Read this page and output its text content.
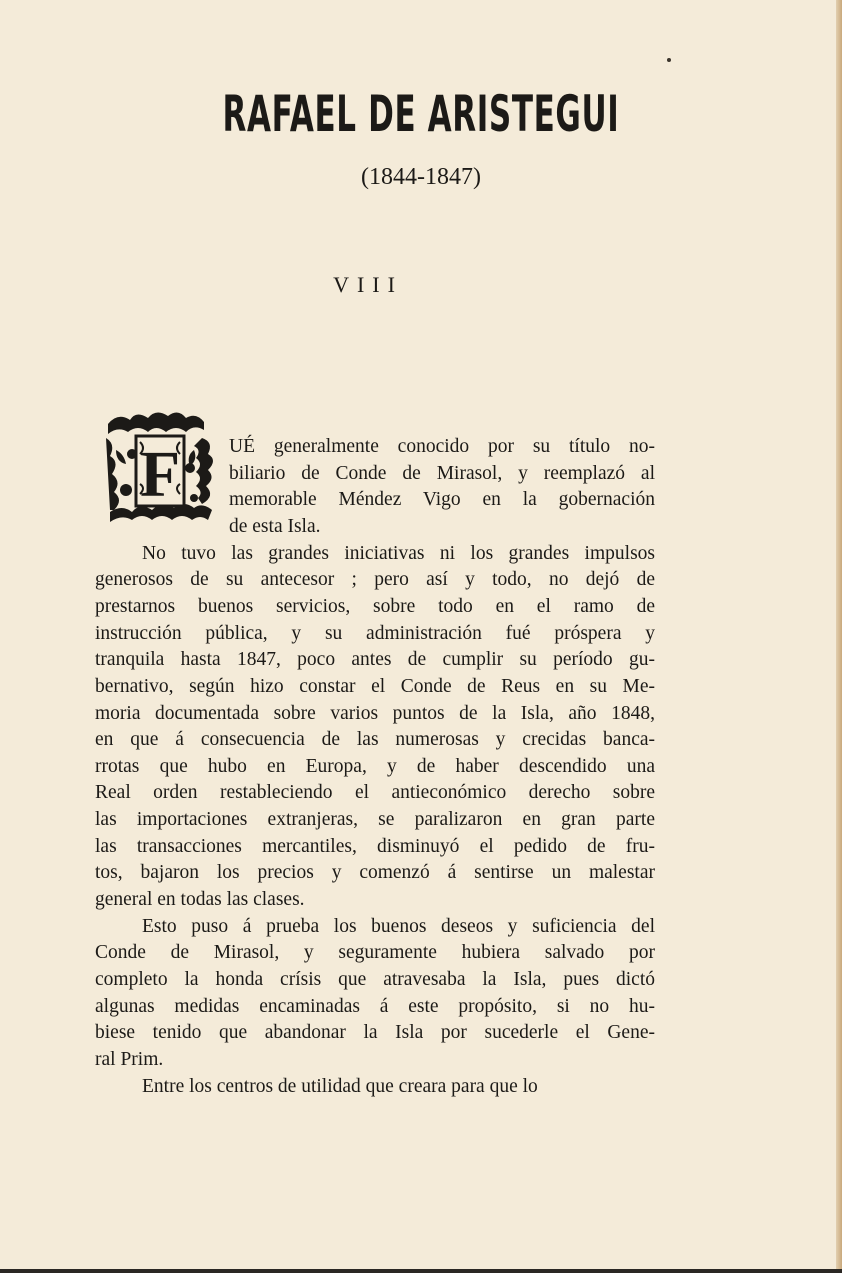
RAFAEL DE ARISTEGUI
(1844-1847)
VIII
F	UÉ generalmente conocido por su título no-
biliario de Conde de Mirasol, y reemplazó al
memorable Méndez Vigo en la gobernación
de esta Isla.
No tuvo las grandes iniciativas ni los grandes impulsos
generosos de su antecesor ; pero así y todo, no dejó de
prestarnos buenos servicios, sobre todo en el ramo de
instrucción pública, y su administración fué próspera y
tranquila hasta 1847, poco antes de cumplir su período gu-
bernativo, según hizo constar el Conde de Reus en su Me-
moria documentada sobre varios puntos de la Isla, año 1848,
en que á consecuencia de las numerosas y crecidas banca-
rrotas que hubo en Europa, y de haber descendido una
Real orden restableciendo el antieconómico derecho sobre
las importaciones extranjeras, se paralizaron en gran parte
las transacciones mercantiles, disminuyó el pedido de fru-
tos, bajaron los precios y comenzó á sentirse un malestar
general en todas las clases.
Esto puso á prueba los buenos deseos y suficiencia del
Conde de Mirasol, y seguramente hubiera salvado por
completo la honda crísis que atravesaba la Isla, pues dictó
algunas medidas encaminadas á este propósito, si no hu-
biese tenido que abandonar la Isla por sucederle el Gene-
ral Prim.
Entre los centros de utilidad que creara para que lo
